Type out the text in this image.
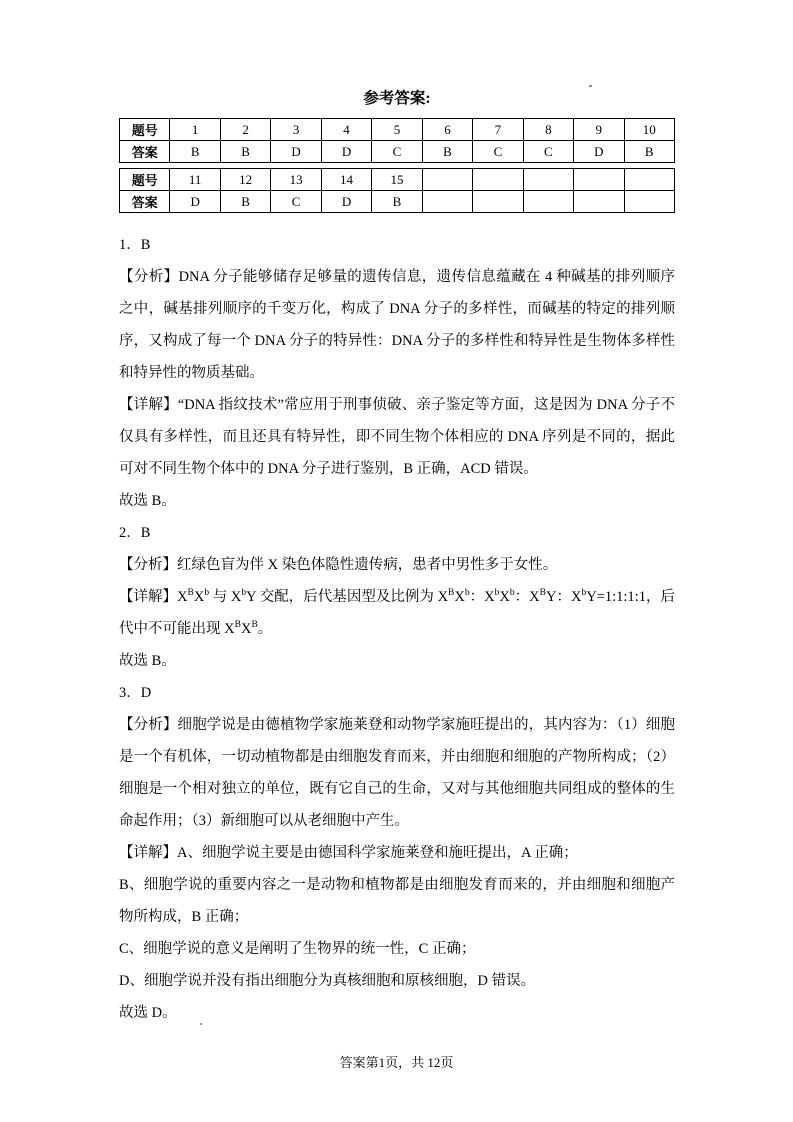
参考答案:

题号	1	2	3	4	5	6	7	8	9	10
答案	B	B	D	D	C	B	C	C	D	B
题号	11	12	13	14	15					
答案	D	B	C	D	B					

1．B

【分析】DNA 分子能够储存足够量的遗传信息，遗传信息蕴藏在 4 种碱基的排列顺序之中，碱基排列顺序的千变万化，构成了 DNA 分子的多样性，而碱基的特定的排列顺序，又构成了每一个 DNA 分子的特异性：DNA 分子的多样性和特异性是生物体多样性和特异性的物质基础。

【详解】“DNA 指纹技术”常应用于刑事侦破、亲子鉴定等方面，这是因为 DNA 分子不仅具有多样性，而且还具有特异性，即不同生物个体相应的 DNA 序列是不同的，据此可对不同生物个体中的 DNA 分子进行鉴别，B 正确，ACD 错误。

故选 B。

2．B

【分析】红绿色盲为伴 X 染色体隐性遗传病，患者中男性多于女性。

【详解】$X^BX^b$ 与 $X^bY$ 交配，后代基因型及比例为 $X^BX^b$：$X^bX^b$：$X^BY$：$X^bY=1:1:1:1$，后代中不可能出现 $X^BX^B$。

故选 B。

3．D

【分析】细胞学说是由德植物学家施莱登和动物学家施旺提出的，其内容为：（1）细胞是一个有机体，一切动植物都是由细胞发育而来，并由细胞和细胞的产物所构成；（2）细胞是一个相对独立的单位，既有它自己的生命，又对与其他细胞共同组成的整体的生命起作用；（3）新细胞可以从老细胞中产生。

【详解】A、细胞学说主要是由德国科学家施莱登和施旺提出，A 正确；

B、细胞学说的重要内容之一是动物和植物都是由细胞发育而来的，并由细胞和细胞产物所构成，B 正确；

C、细胞学说的意义是阐明了生物界的统一性，C 正确；

D、细胞学说并没有指出细胞分为真核细胞和原核细胞，D 错误。

故选 D。

答案第1页，共 12页
